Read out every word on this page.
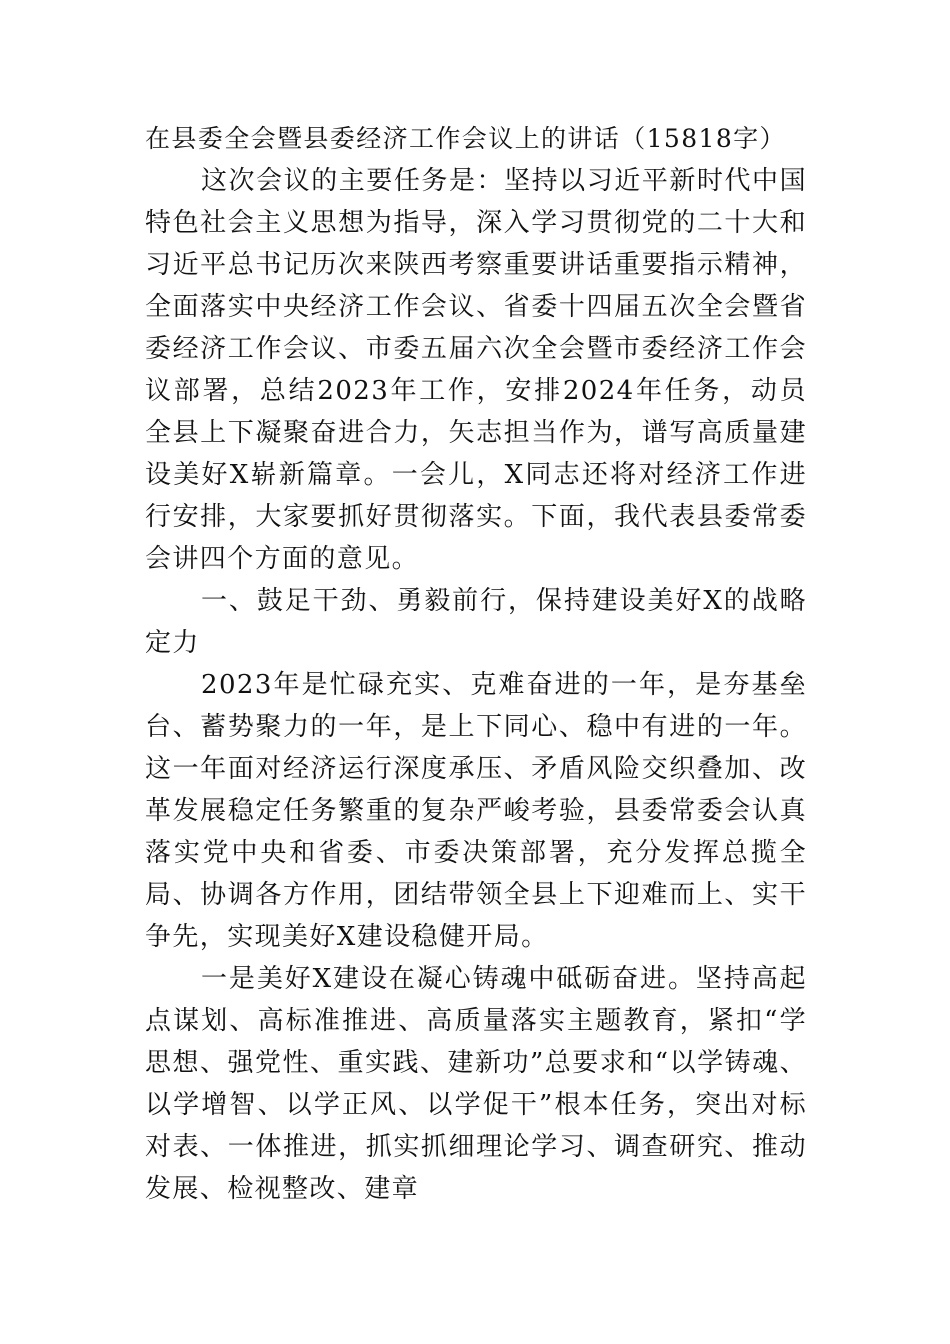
在县委全会暨县委经济工作会议上的讲话（15818字）

这次会议的主要任务是：坚持以习近平新时代中国特色社会主义思想为指导，深入学习贯彻党的二十大和习近平总书记历次来陕西考察重要讲话重要指示精神，全面落实中央经济工作会议、省委十四届五次全会暨省委经济工作会议、市委五届六次全会暨市委经济工作会议部署，总结2023年工作，安排2024年任务，动员全县上下凝聚奋进合力，矢志担当作为，谱写高质量建设美好X崭新篇章。一会儿，X同志还将对经济工作进行安排，大家要抓好贯彻落实。下面，我代表县委常委会讲四个方面的意见。

一、鼓足干劲、勇毅前行，保持建设美好X的战略定力

2023年是忙碌充实、克难奋进的一年，是夯基垒台、蓄势聚力的一年，是上下同心、稳中有进的一年。这一年面对经济运行深度承压、矛盾风险交织叠加、改革发展稳定任务繁重的复杂严峻考验，县委常委会认真落实党中央和省委、市委决策部署，充分发挥总揽全局、协调各方作用，团结带领全县上下迎难而上、实干争先，实现美好X建设稳健开局。

一是美好X建设在凝心铸魂中砥砺奋进。坚持高起点谋划、高标准推进、高质量落实主题教育，紧扣“学思想、强党性、重实践、建新功”总要求和“以学铸魂、以学增智、以学正风、以学促干”根本任务，突出对标对表、一体推进，抓实抓细理论学习、调查研究、推动发展、检视整改、建章
